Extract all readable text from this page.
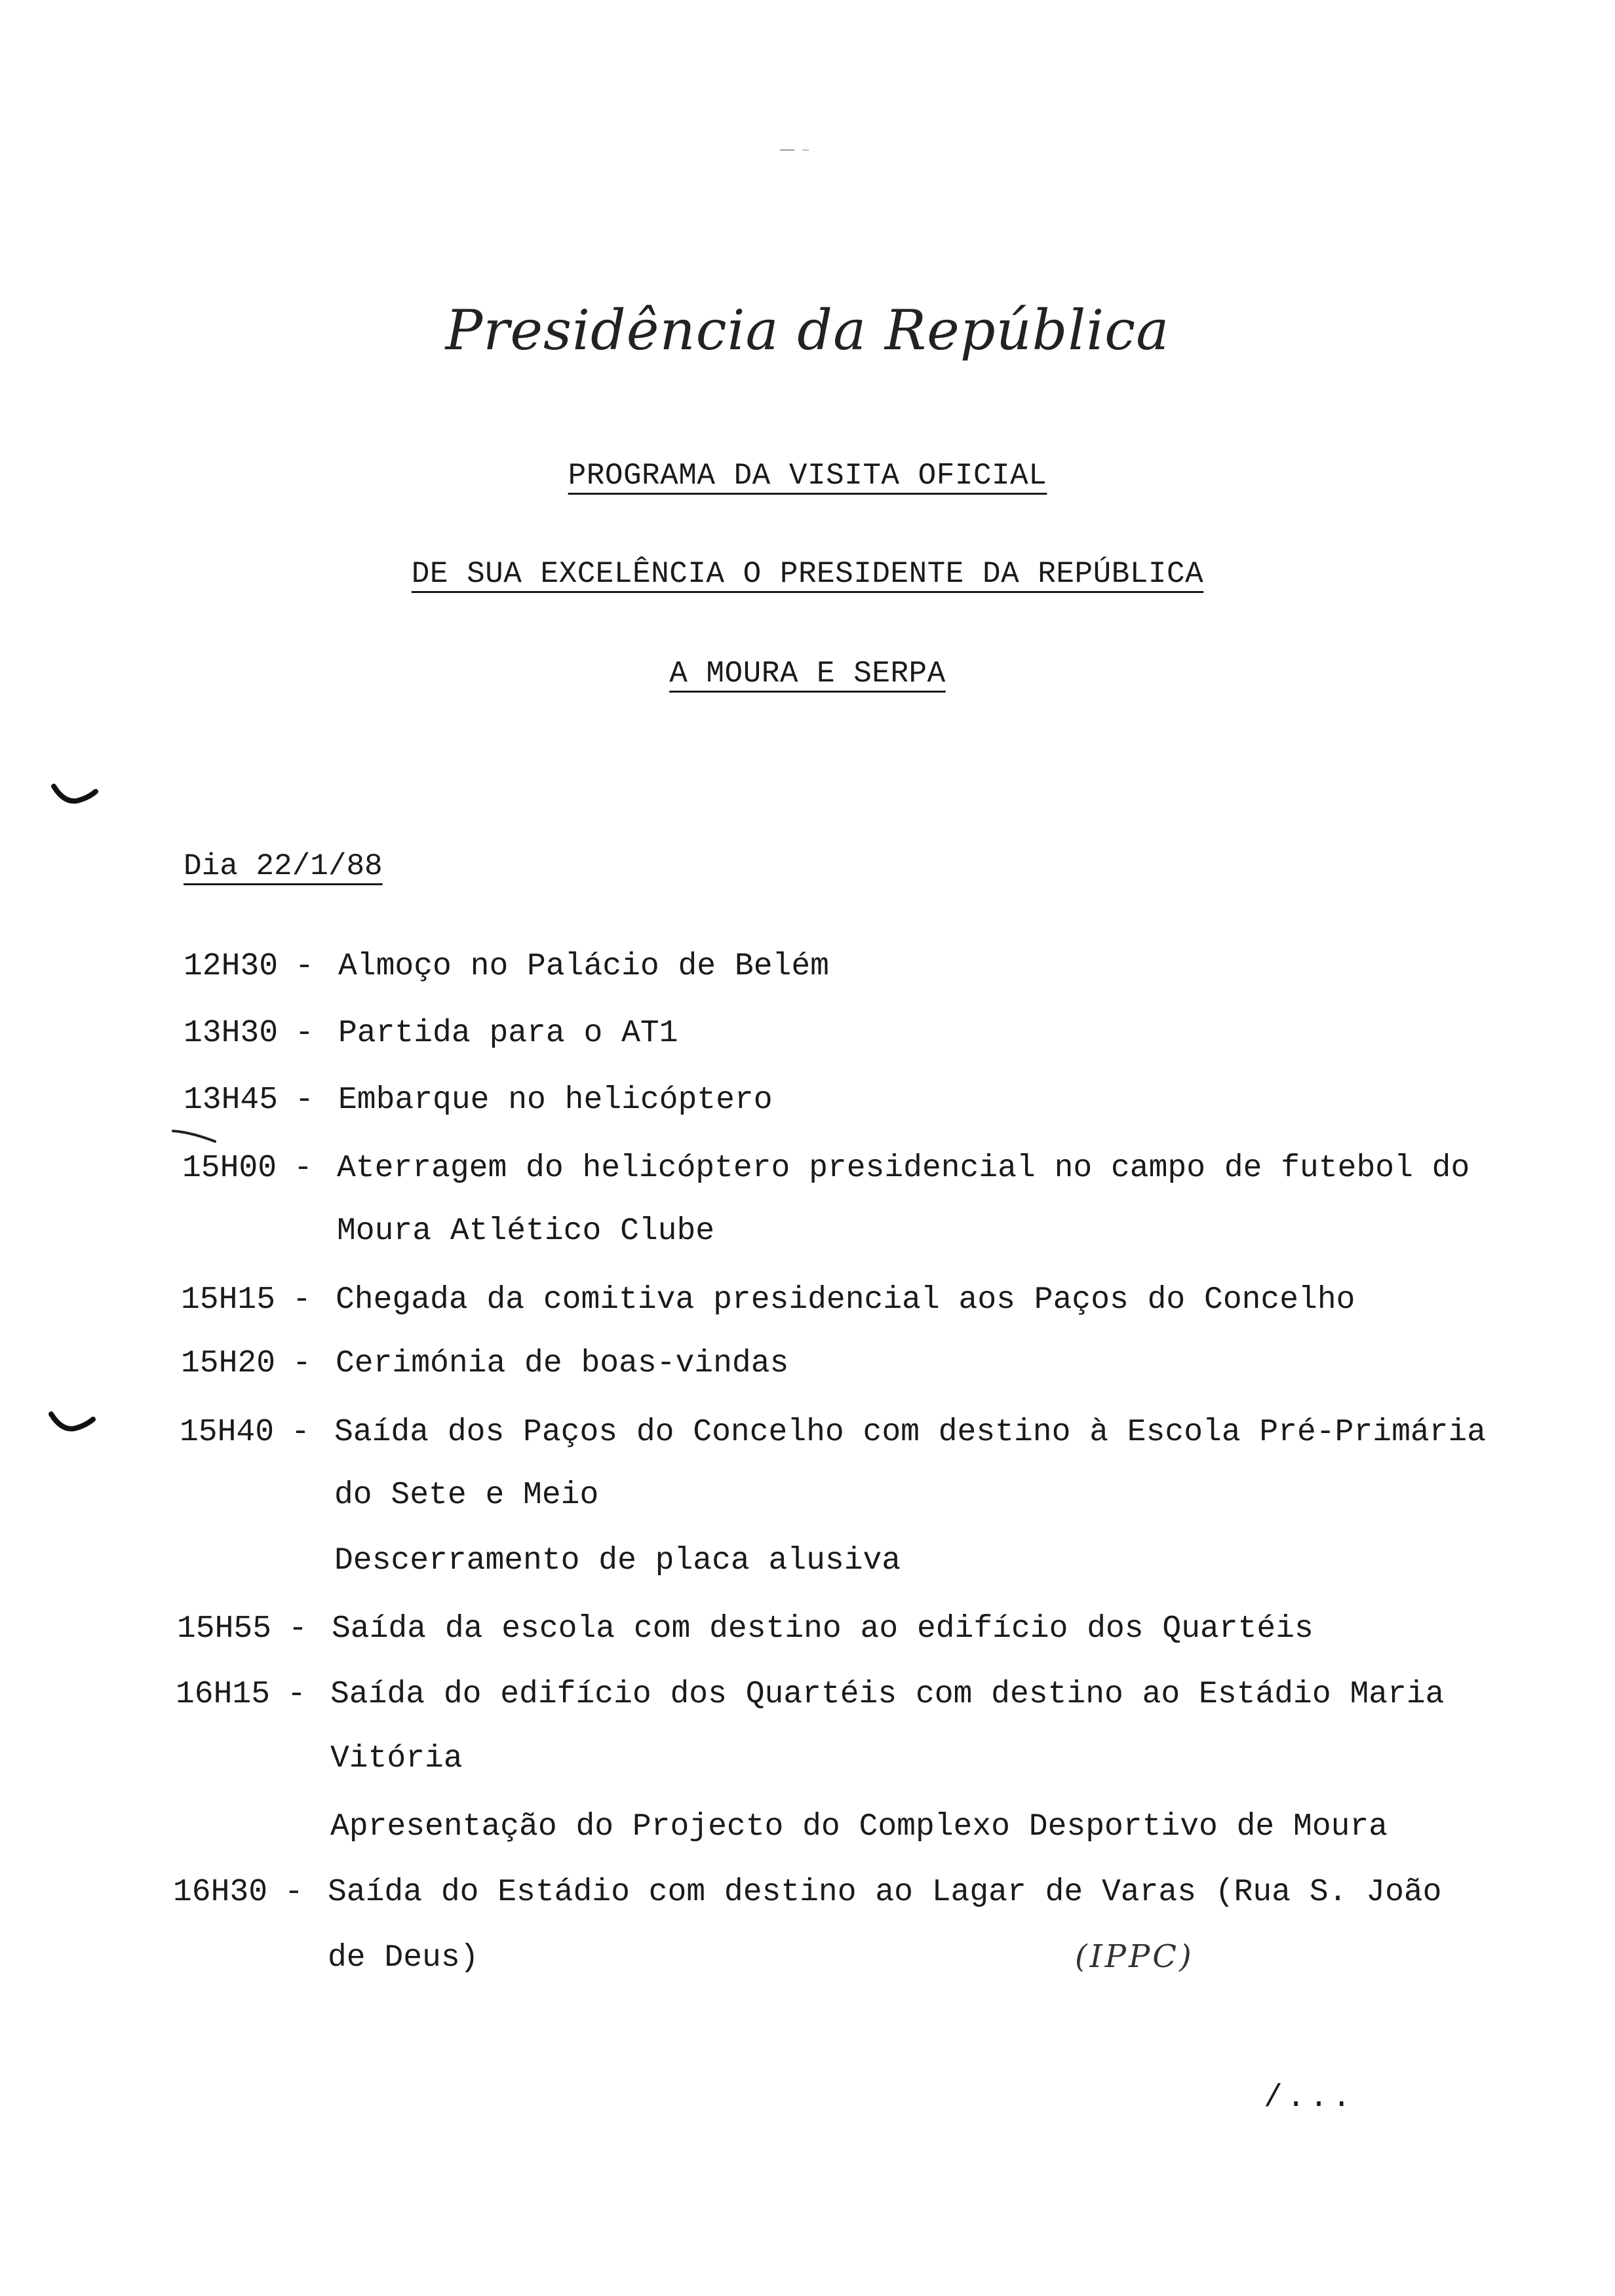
Presidência da República
PROGRAMA DA VISITA OFICIAL
DE SUA EXCELÊNCIA O PRESIDENTE DA REPÚBLICA
A MOURA E SERPA
Dia 22/1/88
12H30 - Almoço no Palácio de Belém
13H30 - Partida para o AT1
13H45 - Embarque no helicóptero
15H00 - Aterragem do helicóptero presidencial no campo de futebol do
Moura Atlético Clube
15H15 - Chegada da comitiva presidencial aos Paços do Concelho
15H20 - Cerimónia de boas-vindas
15H40 - Saída dos Paços do Concelho com destino à Escola Pré-Primária
do Sete e Meio
Descerramento de placa alusiva
15H55 - Saída da escola com destino ao edifício dos Quartéis
16H15 - Saída do edifício dos Quartéis com destino ao Estádio Maria
Vitória
Apresentação do Projecto do Complexo Desportivo de Moura
16H30 - Saída do Estádio com destino ao Lagar de Varas (Rua S. João
de Deus)	(IPPC)
/...
